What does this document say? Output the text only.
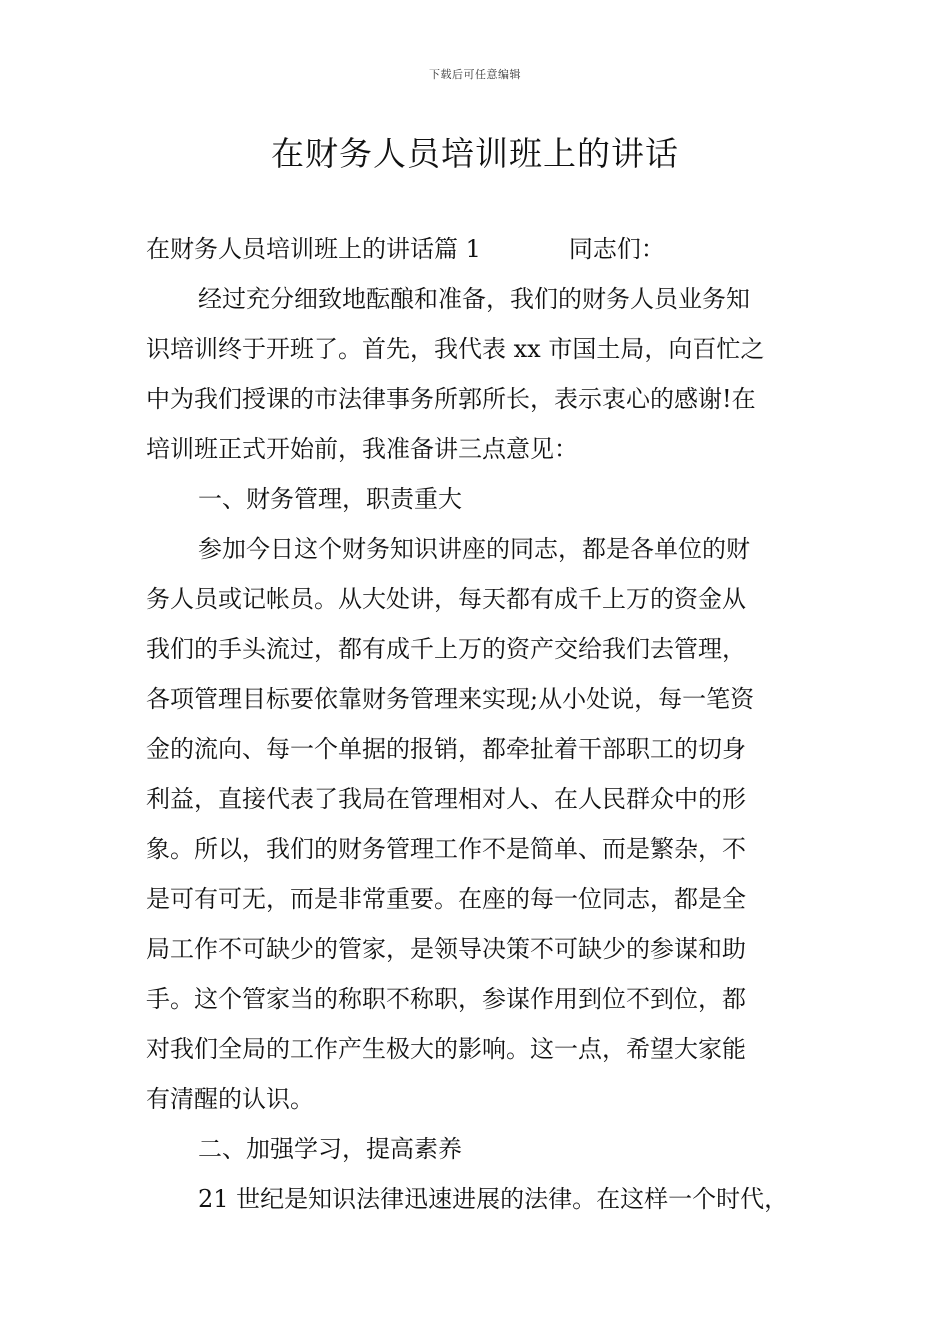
下载后可任意编辑
在财务人员培训班上的讲话
在财务人员培训班上的讲话篇 1	同志们：
经过充分细致地酝酿和准备，我们的财务人员业务知
识培训终于开班了。首先，我代表 xx 市国土局，向百忙之
中为我们授课的市法律事务所郭所长，表示衷心的感谢!在
培训班正式开始前，我准备讲三点意见：
一、财务管理，职责重大
参加今日这个财务知识讲座的同志，都是各单位的财
务人员或记帐员。从大处讲，每天都有成千上万的资金从
我们的手头流过，都有成千上万的资产交给我们去管理，
各项管理目标要依靠财务管理来实现;从小处说，每一笔资
金的流向、每一个单据的报销，都牵扯着干部职工的切身
利益，直接代表了我局在管理相对人、在人民群众中的形
象。所以，我们的财务管理工作不是简单、而是繁杂，不
是可有可无，而是非常重要。在座的每一位同志，都是全
局工作不可缺少的管家，是领导决策不可缺少的参谋和助
手。这个管家当的称职不称职，参谋作用到位不到位，都
对我们全局的工作产生极大的影响。这一点，希望大家能
有清醒的认识。
二、加强学习，提高素养
21 世纪是知识法律迅速进展的法律。在这样一个时代，
